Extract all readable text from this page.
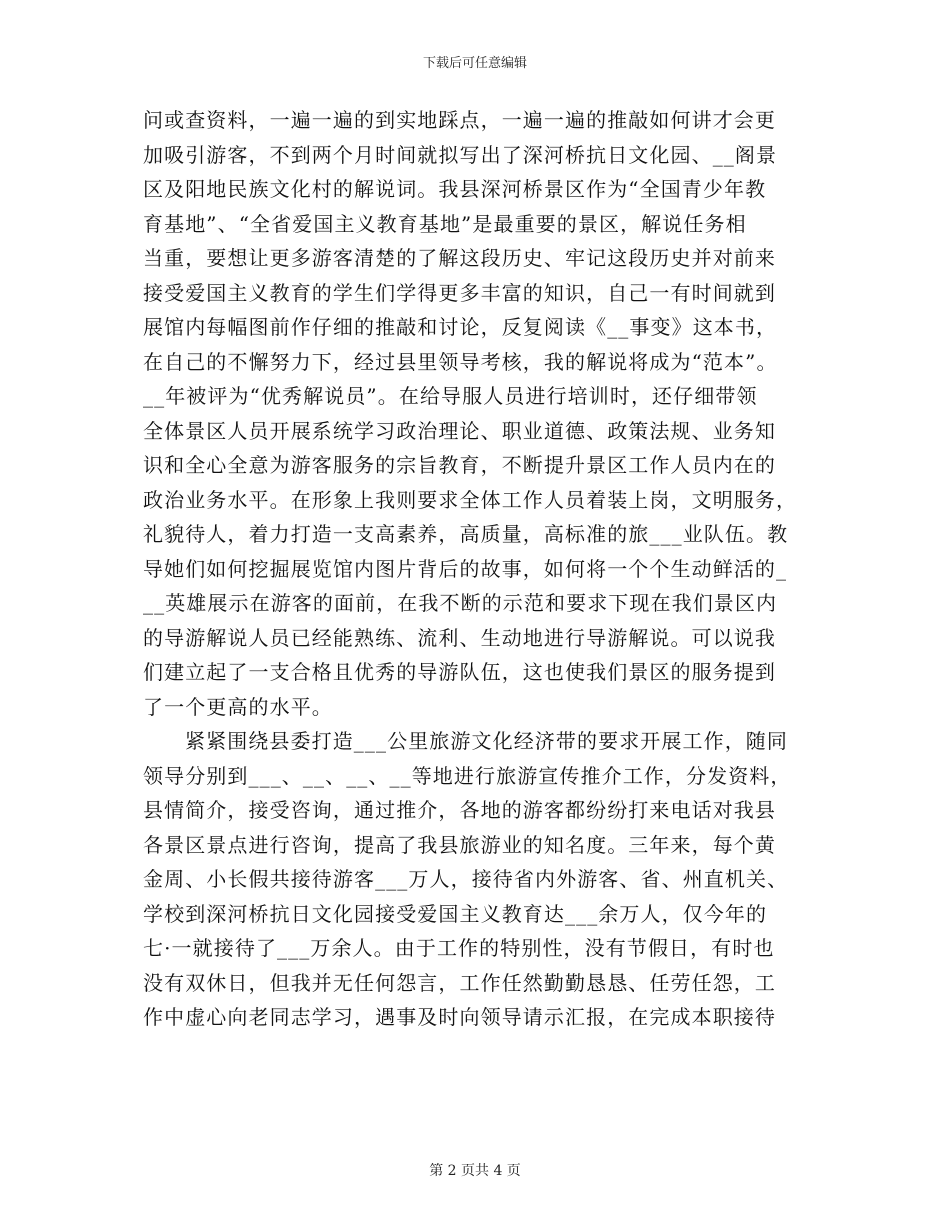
下载后可任意编辑
问或查资料，一遍一遍的到实地踩点，一遍一遍的推敲如何讲才会更
加吸引游客，不到两个月时间就拟写出了深河桥抗日文化园、__阁景
区及阳地民族文化村的解说词。我县深河桥景区作为“全国青少年教
育基地”、“全省爱国主义教育基地”是最重要的景区，解说任务相
当重，要想让更多游客清楚的了解这段历史、牢记这段历史并对前来
接受爱国主义教育的学生们学得更多丰富的知识，自己一有时间就到
展馆内每幅图前作仔细的推敲和讨论，反复阅读《__事变》这本书，
在自己的不懈努力下，经过县里领导考核，我的解说将成为“范本”。
__年被评为“优秀解说员”。在给导服人员进行培训时，还仔细带领
全体景区人员开展系统学习政治理论、职业道德、政策法规、业务知
识和全心全意为游客服务的宗旨教育，不断提升景区工作人员内在的
政治业务水平。在形象上我则要求全体工作人员着装上岗，文明服务，
礼貌待人，着力打造一支高素养，高质量，高标准的旅___业队伍。教
导她们如何挖掘展览馆内图片背后的故事，如何将一个个生动鲜活的_
__英雄展示在游客的面前，在我不断的示范和要求下现在我们景区内
的导游解说人员已经能熟练、流利、生动地进行导游解说。可以说我
们建立起了一支合格且优秀的导游队伍，这也使我们景区的服务提到
了一个更高的水平。
紧紧围绕县委打造___公里旅游文化经济带的要求开展工作，随同
领导分别到___、__、__、__等地进行旅游宣传推介工作，分发资料，
县情简介，接受咨询，通过推介，各地的游客都纷纷打来电话对我县
各景区景点进行咨询，提高了我县旅游业的知名度。三年来，每个黄
金周、小长假共接待游客___万人，接待省内外游客、省、州直机关、
学校到深河桥抗日文化园接受爱国主义教育达___余万人，仅今年的
七·一就接待了___万余人。由于工作的特别性，没有节假日，有时也
没有双休日，但我并无任何怨言，工作任然勤勤恳恳、任劳任怨，工
作中虚心向老同志学习，遇事及时向领导请示汇报，在完成本职接待
第 2 页共 4 页
